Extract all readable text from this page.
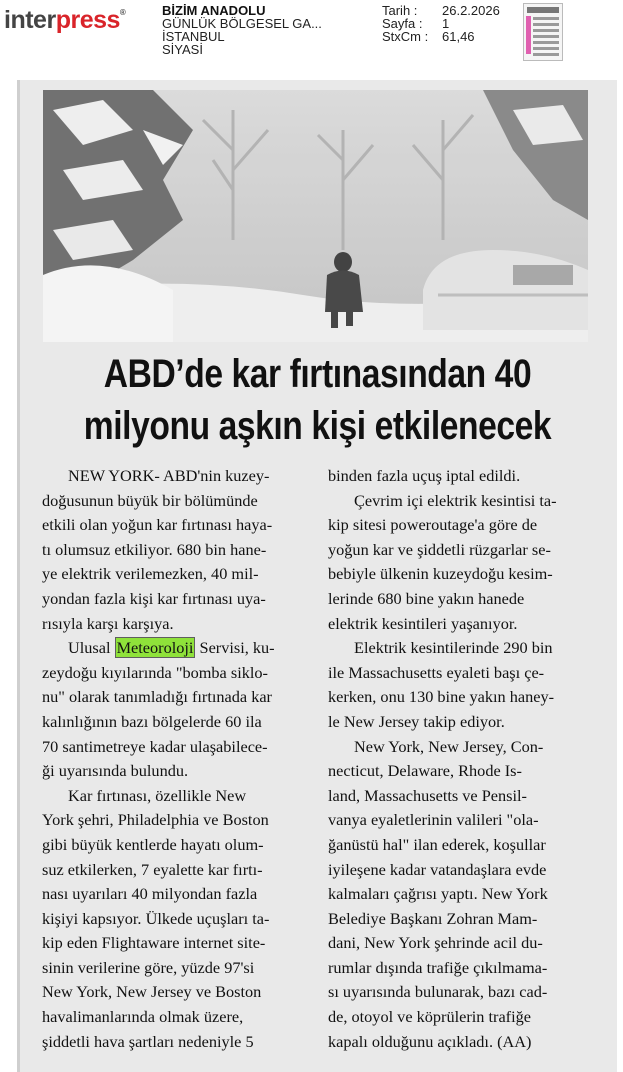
interpress®	BİZİM ANADOLU
GÜNLÜK BÖLGESEL GA...
İSTANBUL
SİYASİ
Tarih :	26.2.2026
Sayfa :	1
StxCm :	61,46
ABD’de kar fırtınasından 40
milyonu aşkın kişi etkilenecek

NEW YORK- ABD'nin kuzey-
doğusunun büyük bir bölümünde
etkili olan yoğun kar fırtınası haya-
tı olumsuz etkiliyor. 680 bin hane-
ye elektrik verilemezken, 40 mil-
yondan fazla kişi kar fırtınası uya-
rısıyla karşı karşıya.

Ulusal Meteoroloji Servisi, ku-
zeydoğu kıyılarında "bomba siklo-
nu" olarak tanımladığı fırtınada kar
kalınlığının bazı bölgelerde 60 ila
70 santimetreye kadar ulaşabilece-
ği uyarısında bulundu.

Kar fırtınası, özellikle New
York şehri, Philadelphia ve Boston
gibi büyük kentlerde hayatı olum-
suz etkilerken, 7 eyalette kar fırtı-
nası uyarıları 40 milyondan fazla
kişiyi kapsıyor. Ülkede uçuşları ta-
kip eden Flightaware internet site-
sinin verilerine göre, yüzde 97'si
New York, New Jersey ve Boston
havalimanlarında olmak üzere,
şiddetli hava şartları nedeniyle 5

binden fazla uçuş iptal edildi.

Çevrim içi elektrik kesintisi ta-
kip sitesi poweroutage'a göre de
yoğun kar ve şiddetli rüzgarlar se-
bebiyle ülkenin kuzeydoğu kesim-
lerinde 680 bine yakın hanede
elektrik kesintileri yaşanıyor.

Elektrik kesintilerinde 290 bin
ile Massachusetts eyaleti başı çe-
kerken, onu 130 bine yakın haney-
le New Jersey takip ediyor.

New York, New Jersey, Con-
necticut, Delaware, Rhode Is-
land, Massachusetts ve Pensil-
vanya eyaletlerinin valileri "ola-
ğanüstü hal" ilan ederek, koşullar
iyileşene kadar vatandaşlara evde
kalmaları çağrısı yaptı. New York
Belediye Başkanı Zohran Mam-
dani, New York şehrinde acil du-
rumlar dışında trafiğe çıkılmama-
sı uyarısında bulunarak, bazı cad-
de, otoyol ve köprülerin trafiğe
kapalı olduğunu açıkladı. (AA)
